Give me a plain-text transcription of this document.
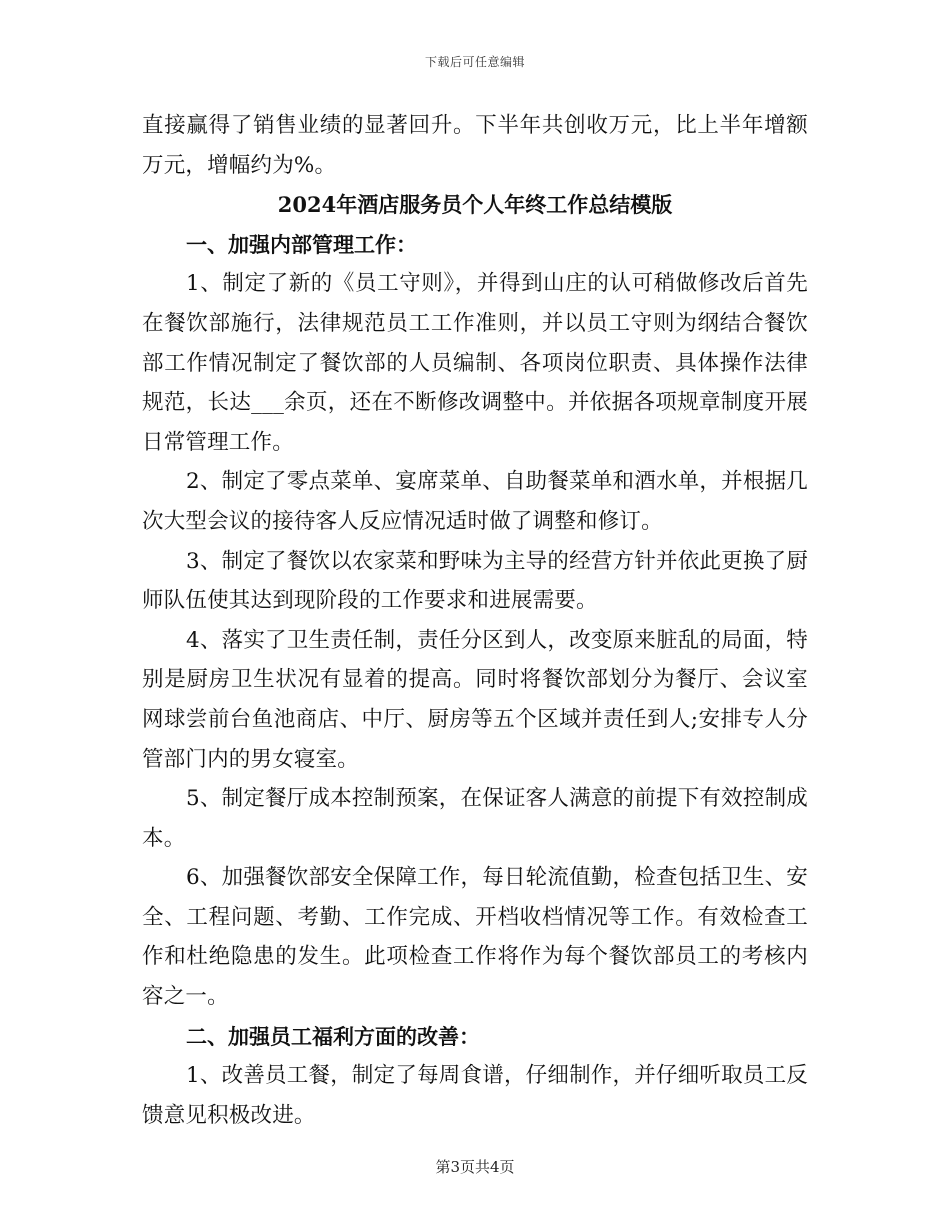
下载后可任意编辑
直接赢得了销售业绩的显著回升。下半年共创收万元，比上半年增额
万元，增幅约为%。
2024年酒店服务员个人年终工作总结模版
一、加强内部管理工作：
1、制定了新的《员工守则》，并得到山庄的认可稍做修改后首先
在餐饮部施行，法律规范员工工作准则，并以员工守则为纲结合餐饮
部工作情况制定了餐饮部的人员编制、各项岗位职责、具体操作法律
规范，长达___余页，还在不断修改调整中。并依据各项规章制度开展
日常管理工作。
2、制定了零点菜单、宴席菜单、自助餐菜单和酒水单，并根据几
次大型会议的接待客人反应情况适时做了调整和修订。
3、制定了餐饮以农家菜和野味为主导的经营方针并依此更换了厨
师队伍使其达到现阶段的工作要求和进展需要。
4、落实了卫生责任制，责任分区到人，改变原来脏乱的局面，特
别是厨房卫生状况有显着的提高。同时将餐饮部划分为餐厅、会议室
网球尝前台鱼池商店、中厅、厨房等五个区域并责任到人;安排专人分
管部门内的男女寝室。
5、制定餐厅成本控制预案，在保证客人满意的前提下有效控制成
本。
6、加强餐饮部安全保障工作，每日轮流值勤，检查包括卫生、安
全、工程问题、考勤、工作完成、开档收档情况等工作。有效检查工
作和杜绝隐患的发生。此项检查工作将作为每个餐饮部员工的考核内
容之一。
二、加强员工福利方面的改善：
1、改善员工餐，制定了每周食谱，仔细制作，并仔细听取员工反
馈意见积极改进。
第3页共4页
